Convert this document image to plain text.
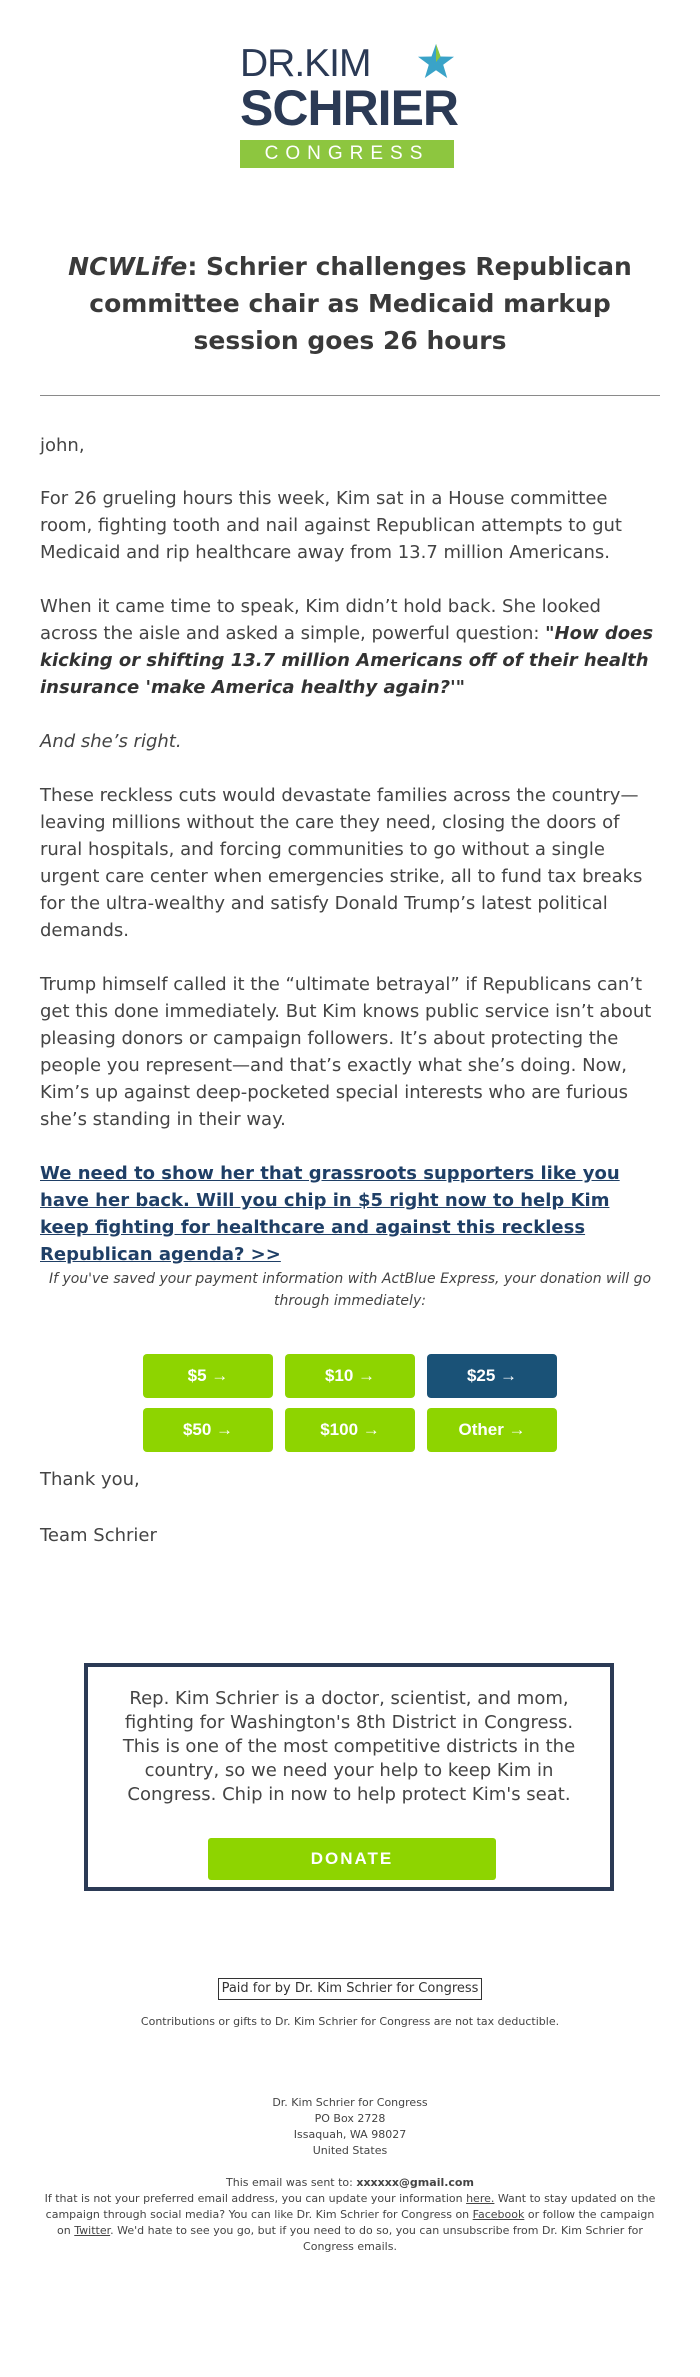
DR.KIM
SCHRIER
CONGRESS
NCWLife: Schrier challenges Republican committee chair as Medicaid markup session goes 26 hours
john,
For 26 grueling hours this week, Kim sat in a House committee room, fighting tooth and nail against Republican attempts to gut Medicaid and rip healthcare away from 13.7 million Americans.
When it came time to speak, Kim didn’t hold back. She looked across the aisle and asked a simple, powerful question: "How does kicking or shifting 13.7 million Americans off of their health insurance 'make America healthy again?'"
And she’s right.
These reckless cuts would devastate families across the country—leaving millions without the care they need, closing the doors of rural hospitals, and forcing communities to go without a single urgent care center when emergencies strike, all to fund tax breaks for the ultra-wealthy and satisfy Donald Trump’s latest political demands.
Trump himself called it the “ultimate betrayal” if Republicans can’t get this done immediately. But Kim knows public service isn’t about pleasing donors or campaign followers. It’s about protecting the people you represent—and that’s exactly what she’s doing. Now, Kim’s up against deep-pocketed special interests who are furious she’s standing in their way.
We need to show her that grassroots supporters like you have her back. Will you chip in $5 right now to help Kim keep fighting for healthcare and against this reckless Republican agenda? >>
If you've saved your payment information with ActBlue Express, your donation will go through immediately:
$5 →	$10 →	$25 →
$50 →	$100 →	Other →
Thank you,
Team Schrier
Rep. Kim Schrier is a doctor, scientist, and mom, fighting for Washington's 8th District in Congress. This is one of the most competitive districts in the country, so we need your help to keep Kim in Congress. Chip in now to help protect Kim's seat.
DONATE
Paid for by Dr. Kim Schrier for Congress
Contributions or gifts to Dr. Kim Schrier for Congress are not tax deductible.
Dr. Kim Schrier for Congress
PO Box 2728
Issaquah, WA 98027
United States
This email was sent to: xxxxxx@gmail.com
If that is not your preferred email address, you can update your information here. Want to stay updated on the campaign through social media? You can like Dr. Kim Schrier for Congress on Facebook or follow the campaign on Twitter. We'd hate to see you go, but if you need to do so, you can unsubscribe from Dr. Kim Schrier for Congress emails.
